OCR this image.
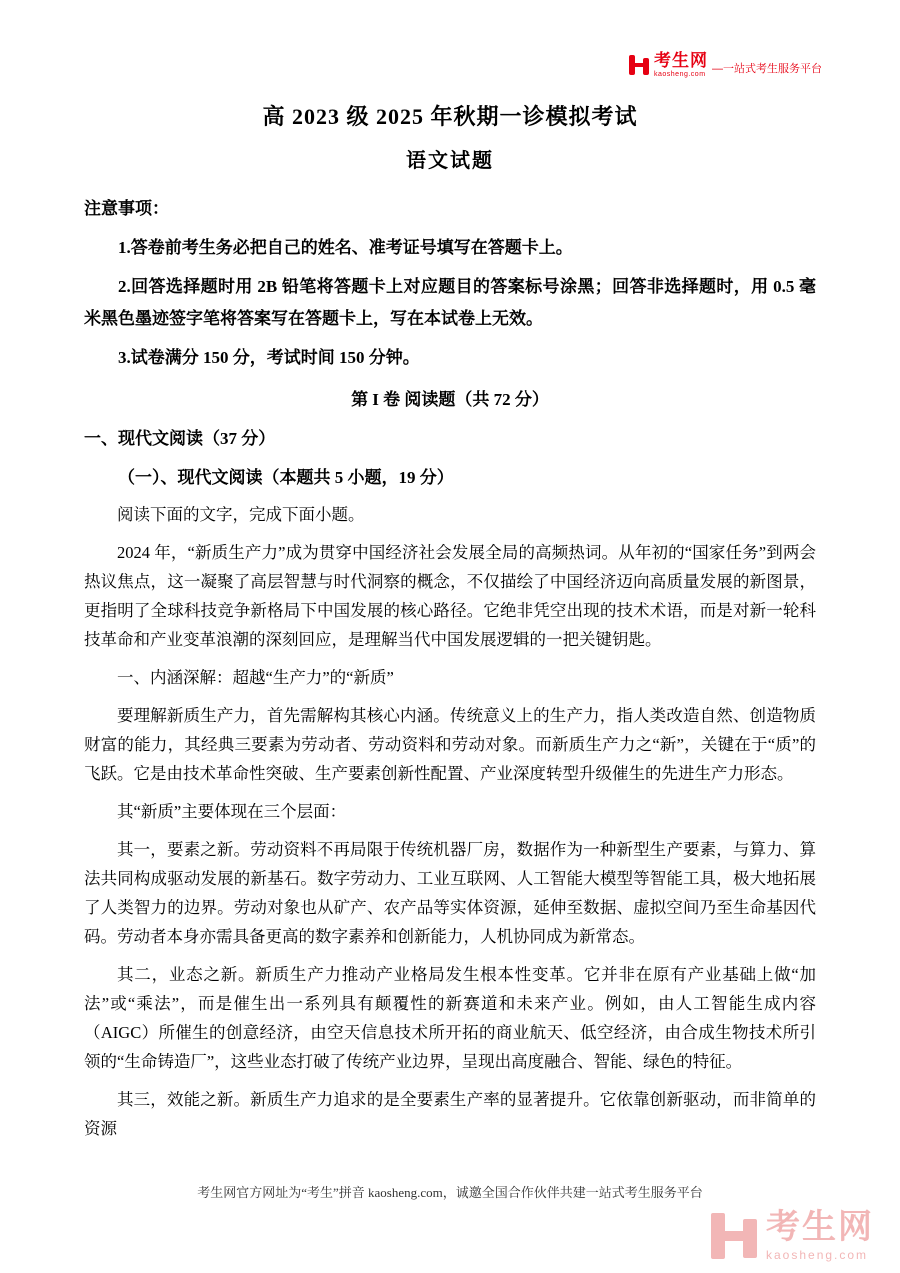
考生网
kaosheng.com —一站式考生服务平台
高 2023 级 2025 年秋期一诊模拟考试
语文试题

注意事项：

1.答卷前考生务必把自己的姓名、准考证号填写在答题卡上。

2.回答选择题时用 2B 铅笔将答题卡上对应题目的答案标号涂黑；回答非选择题时，用 0.5 毫米黑色墨迹签字笔将答案写在答题卡上，写在本试卷上无效。

3.试卷满分 150 分，考试时间 150 分钟。

第 I 卷 阅读题（共 72 分）

一、现代文阅读（37 分）

（一）、现代文阅读（本题共 5 小题，19 分）

阅读下面的文字，完成下面小题。

2024 年，“新质生产力”成为贯穿中国经济社会发展全局的高频热词。从年初的“国家任务”到两会热议焦点，这一凝聚了高层智慧与时代洞察的概念，不仅描绘了中国经济迈向高质量发展的新图景，更指明了全球科技竞争新格局下中国发展的核心路径。它绝非凭空出现的技术术语，而是对新一轮科技革命和产业变革浪潮的深刻回应，是理解当代中国发展逻辑的一把关键钥匙。

一、内涵深解：超越“生产力”的“新质”

要理解新质生产力，首先需解构其核心内涵。传统意义上的生产力，指人类改造自然、创造物质财富的能力，其经典三要素为劳动者、劳动资料和劳动对象。而新质生产力之“新”，关键在于“质”的飞跃。它是由技术革命性突破、生产要素创新性配置、产业深度转型升级催生的先进生产力形态。

其“新质”主要体现在三个层面：

其一，要素之新。劳动资料不再局限于传统机器厂房，数据作为一种新型生产要素，与算力、算法共同构成驱动发展的新基石。数字劳动力、工业互联网、人工智能大模型等智能工具，极大地拓展了人类智力的边界。劳动对象也从矿产、农产品等实体资源，延伸至数据、虚拟空间乃至生命基因代码。劳动者本身亦需具备更高的数字素养和创新能力，人机协同成为新常态。

其二，业态之新。新质生产力推动产业格局发生根本性变革。它并非在原有产业基础上做“加法”或“乘法”，而是催生出一系列具有颠覆性的新赛道和未来产业。例如，由人工智能生成内容（AIGC）所催生的创意经济，由空天信息技术所开拓的商业航天、低空经济，由合成生物技术所引领的“生命铸造厂”，这些业态打破了传统产业边界，呈现出高度融合、智能、绿色的特征。

其三，效能之新。新质生产力追求的是全要素生产率的显著提升。它依靠创新驱动，而非简单的资源

考生网官方网址为“考生”拼音 kaosheng.com，诚邀全国合作伙伴共建一站式考生服务平台

考生网
kaosheng.com
